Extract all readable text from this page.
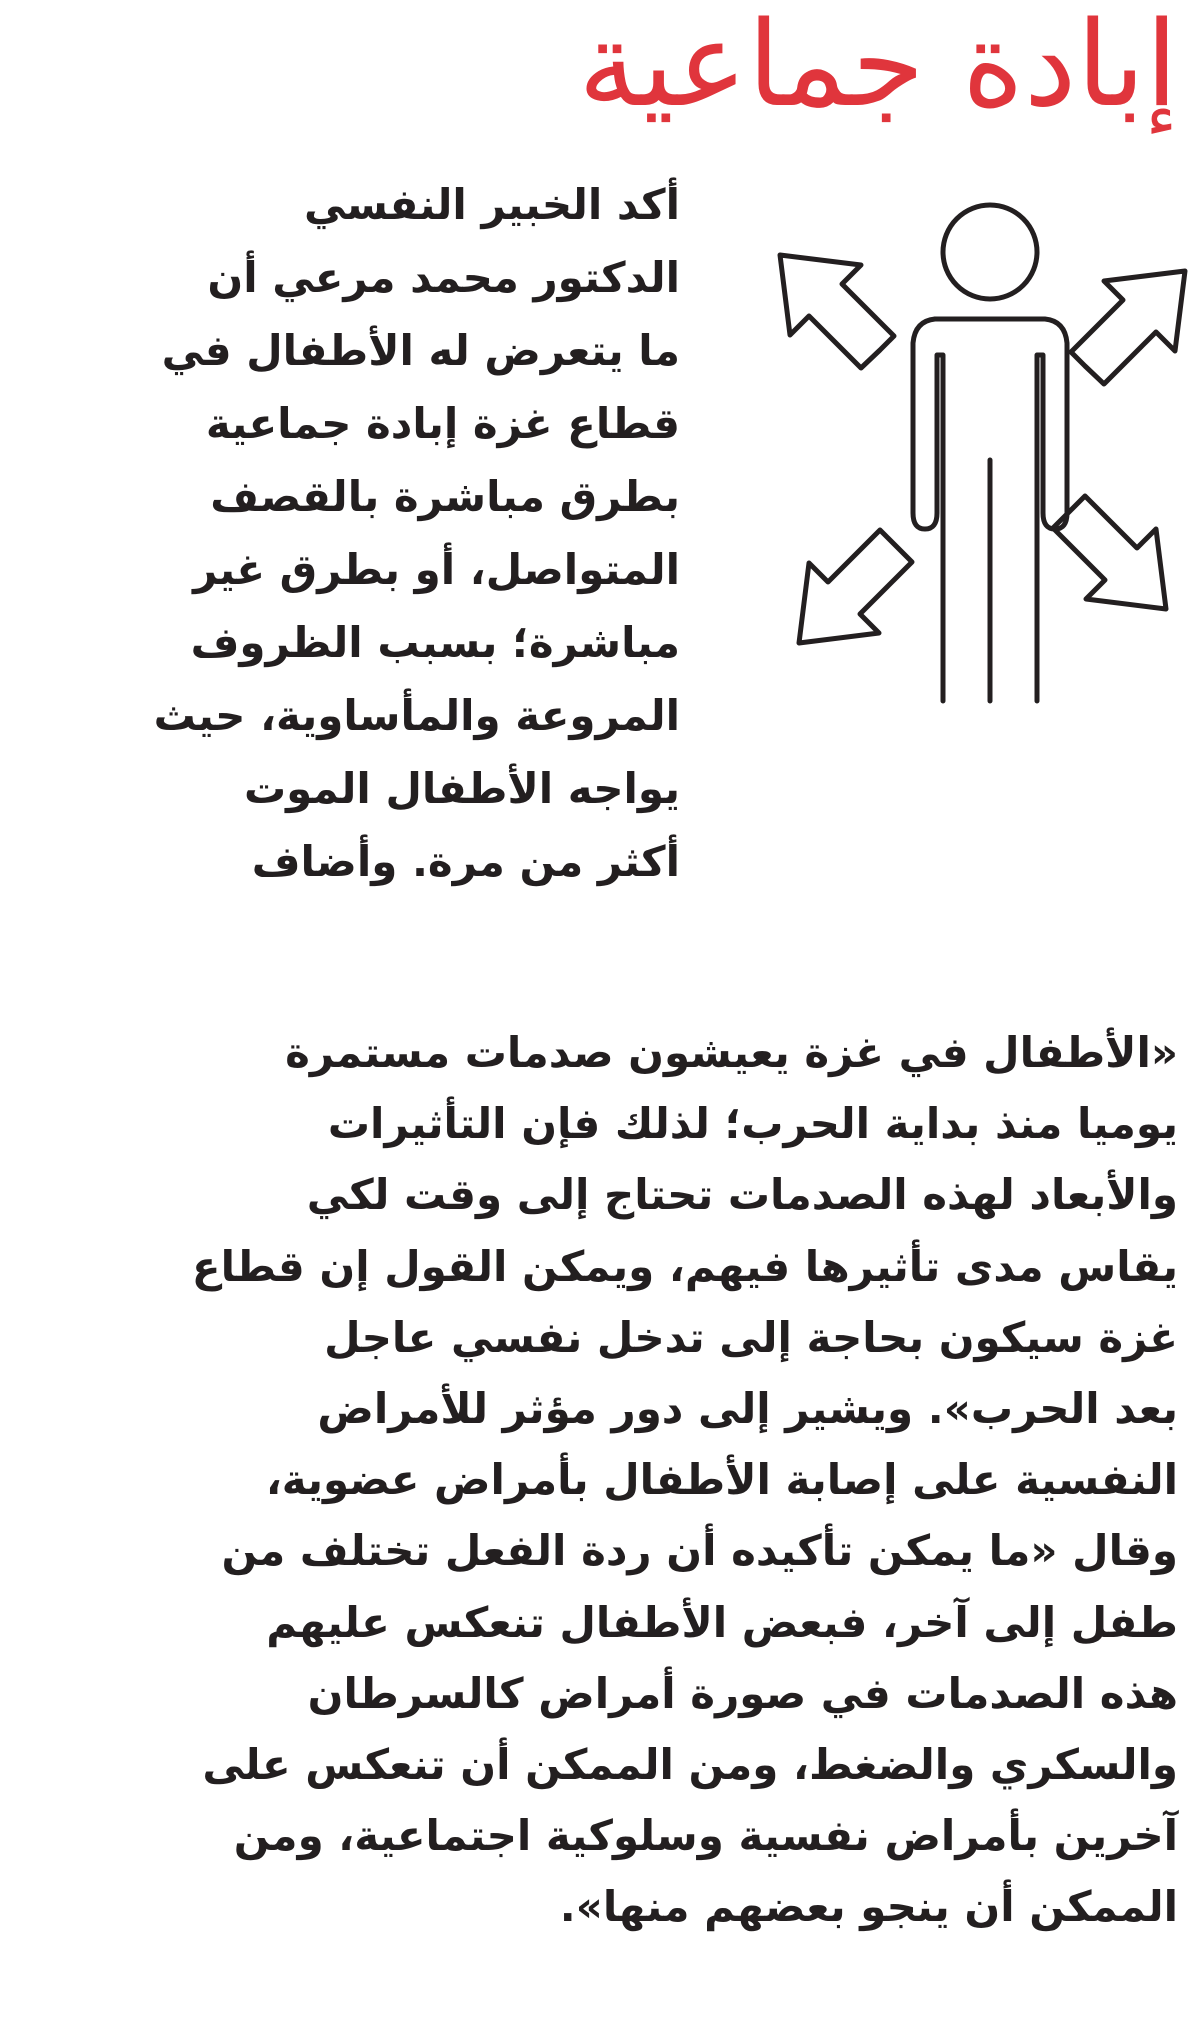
إبادة جماعية
أكد الخبير النفسي
الدكتور محمد مرعي أن
ما يتعرض له الأطفال في
قطاع غزة إبادة جماعية
بطرق مباشرة بالقصف
المتواصل، أو بطرق غير
مباشرة؛ بسبب الظروف
المروعة والمأساوية، حيث
يواجه الأطفال الموت
أكثر من مرة. وأضاف
«الأطفال في غزة يعيشون صدمات مستمرة
يوميا منذ بداية الحرب؛ لذلك فإن التأثيرات
والأبعاد لهذه الصدمات تحتاج إلى وقت لكي
يقاس مدى تأثيرها فيهم، ويمكن القول إن قطاع
غزة سيكون بحاجة إلى تدخل نفسي عاجل
بعد الحرب». ويشير إلى دور مؤثر للأمراض
النفسية على إصابة الأطفال بأمراض عضوية،
وقال «ما يمكن تأكيده أن ردة الفعل تختلف من
طفل إلى آخر، فبعض الأطفال تنعكس عليهم
هذه الصدمات في صورة أمراض كالسرطان
والسكري والضغط، ومن الممكن أن تنعكس على
آخرين بأمراض نفسية وسلوكية اجتماعية، ومن
الممكن أن ينجو بعضهم منها».
